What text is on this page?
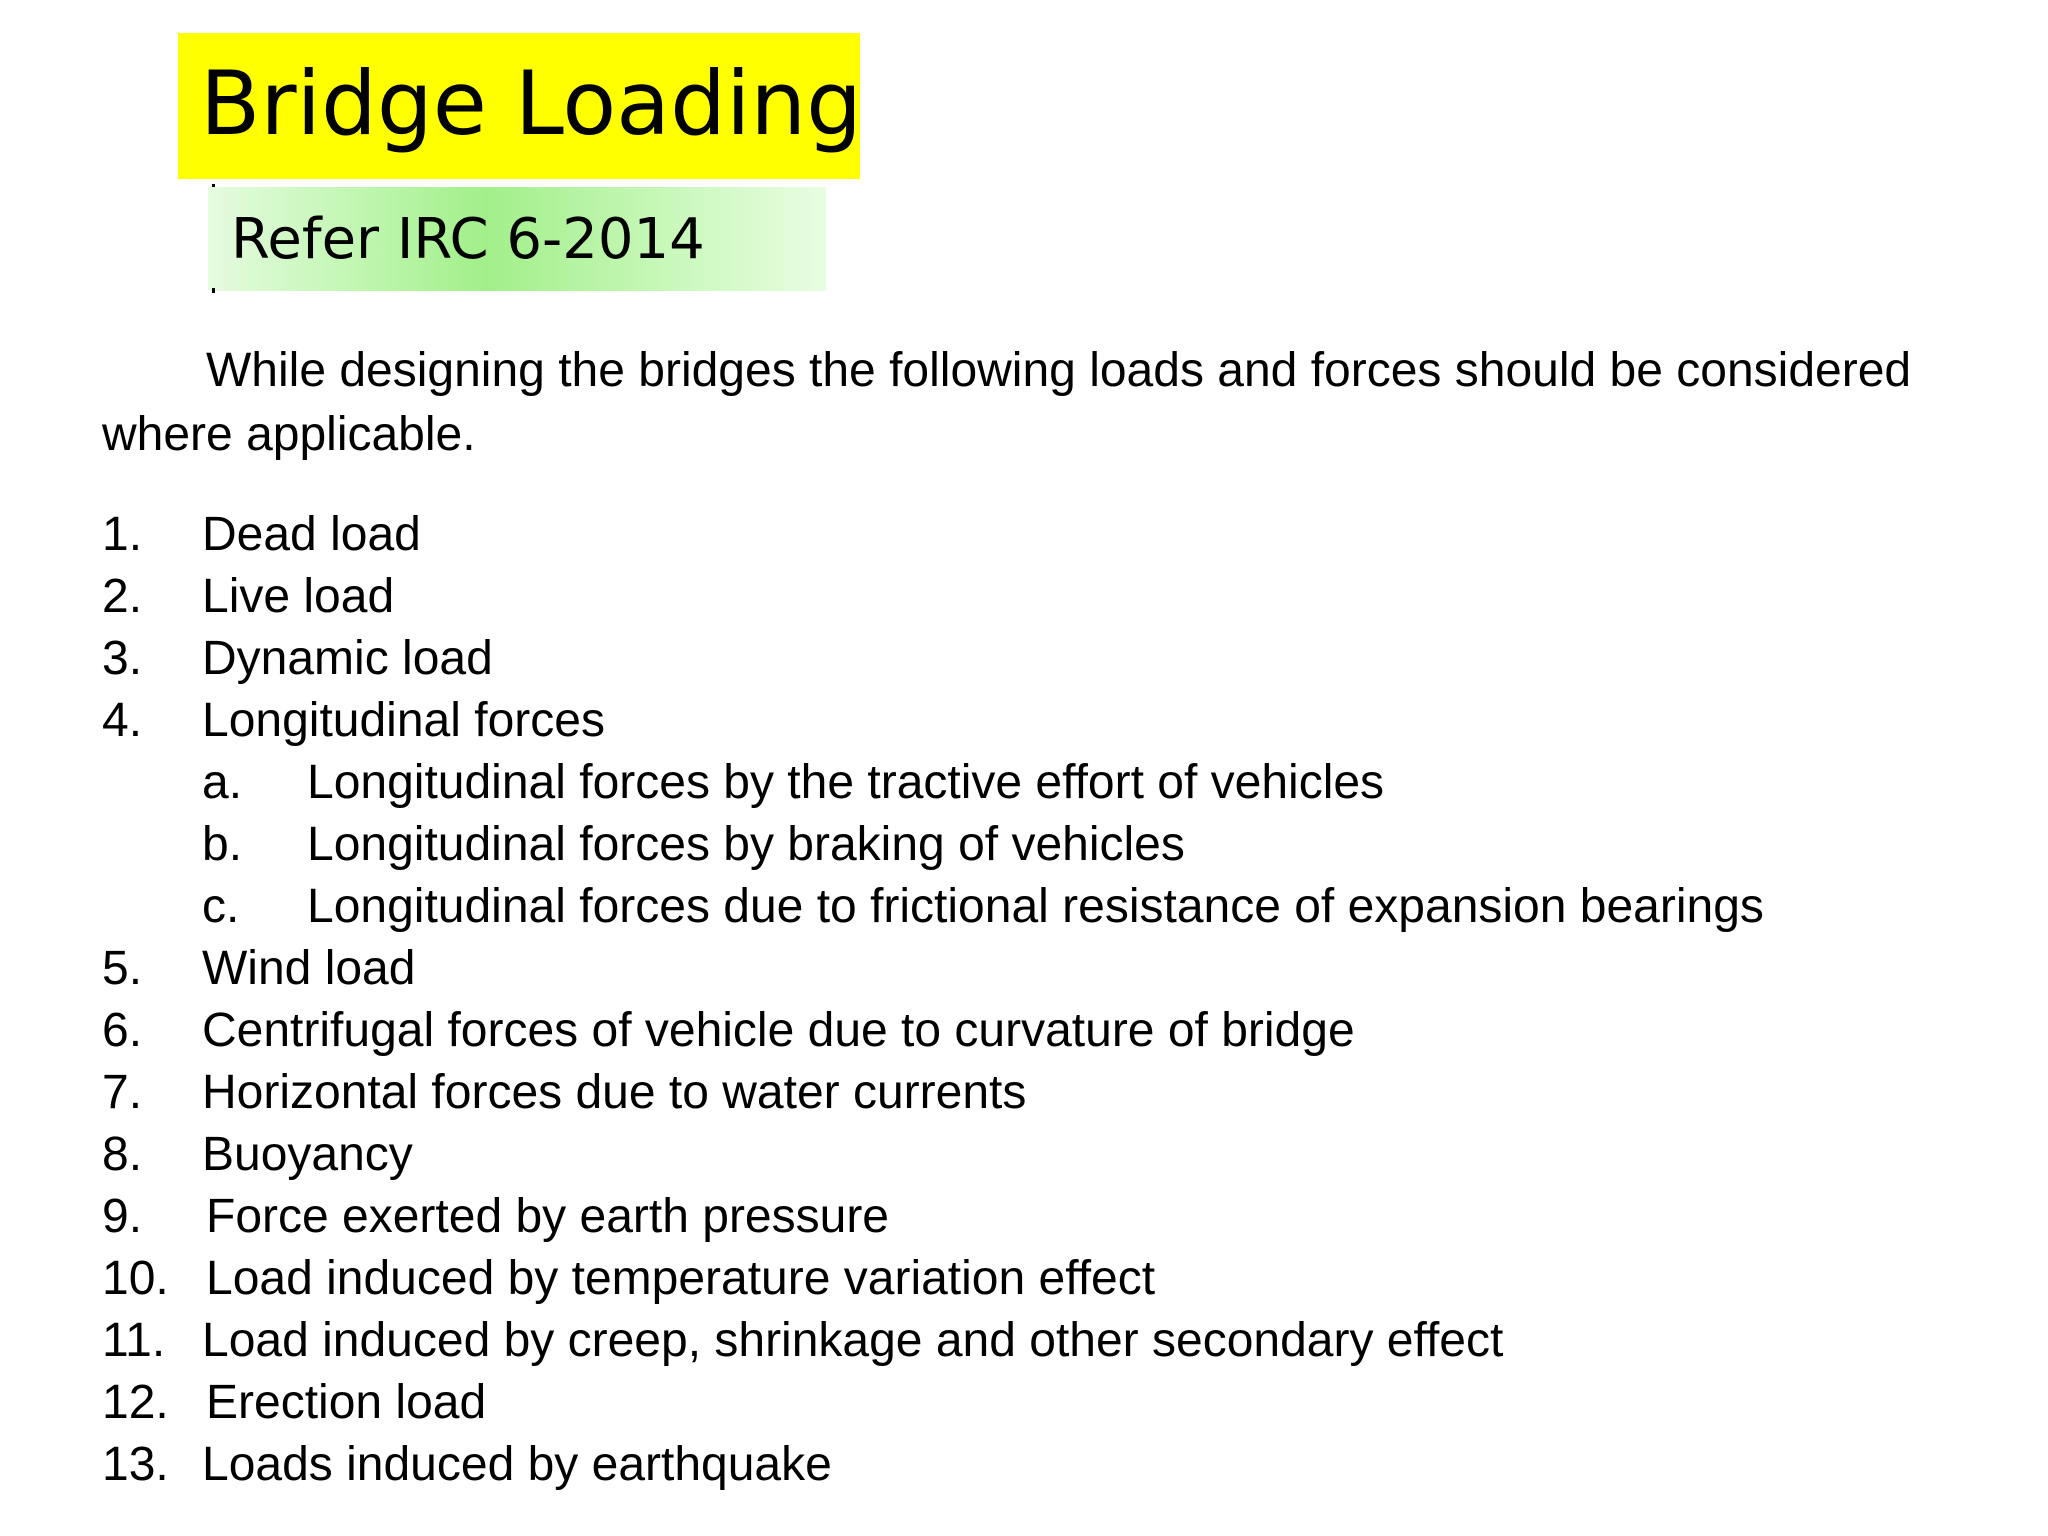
Bridge Loading
Refer IRC 6-2014

While designing the bridges the following loads and forces should be considered where applicable.

1. Dead load
2. Live load
3. Dynamic load
4. Longitudinal forces
a. Longitudinal forces by the tractive effort of vehicles
b. Longitudinal forces by braking of vehicles
c. Longitudinal forces due to frictional resistance of expansion bearings
5. Wind load
6. Centrifugal forces of vehicle due to curvature of bridge
7. Horizontal forces due to water currents
8. Buoyancy
9. Force exerted by earth pressure
10. Load induced by temperature variation effect
11. Load induced by creep, shrinkage and other secondary effect
12. Erection load
13. Loads induced by earthquake
